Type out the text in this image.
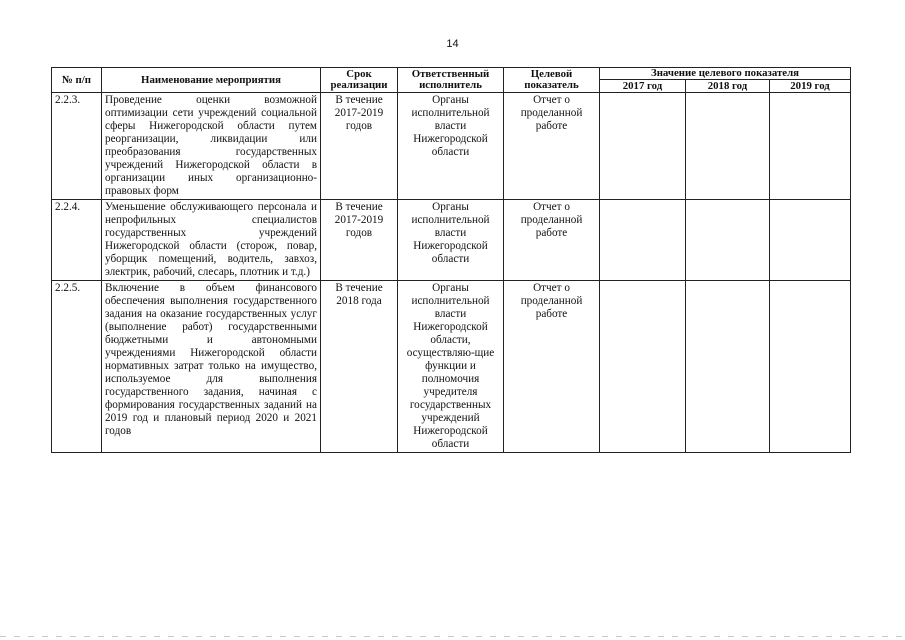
14
№ п/п	Наименование мероприятия	Срок реализации	Ответственный исполнитель	Целевой показатель	Значение целевого показателя		
					2017 год	2018 год	2019 год
2.2.3.	Проведение оценки возможной оптимизации сети учреждений социальной сферы Нижегородской области путем реорганизации, ликвидации или преобразования государственных учреждений Нижегородской области в организации иных организационно-правовых форм	В течение 2017-2019 годов	Органы исполнительной власти Нижегородской области	Отчет о проделанной работе			
2.2.4.	Уменьшение обслуживающего персонала и непрофильных специалистов государственных учреждений Нижегородской области (сторож, повар, уборщик помещений, водитель, завхоз, электрик, рабочий, слесарь, плотник и т.д.)	В течение 2017-2019 годов	Органы исполнительной власти Нижегородской области	Отчет о проделанной работе			
2.2.5.	Включение в объем финансового обеспечения выполнения государственного задания на оказание государственных услуг (выполнение работ) государственными бюджетными и автономными учреждениями Нижегородской области нормативных затрат только на имущество, используемое для выполнения государственного задания, начиная с формирования государственных заданий на 2019 год и плановый период 2020 и 2021 годов	В течение 2018 года	Органы исполнительной власти Нижегородской области, осуществляю-щие функции и полномочия учредителя государственных учреждений Нижегородской области	Отчет о проделанной работе			
